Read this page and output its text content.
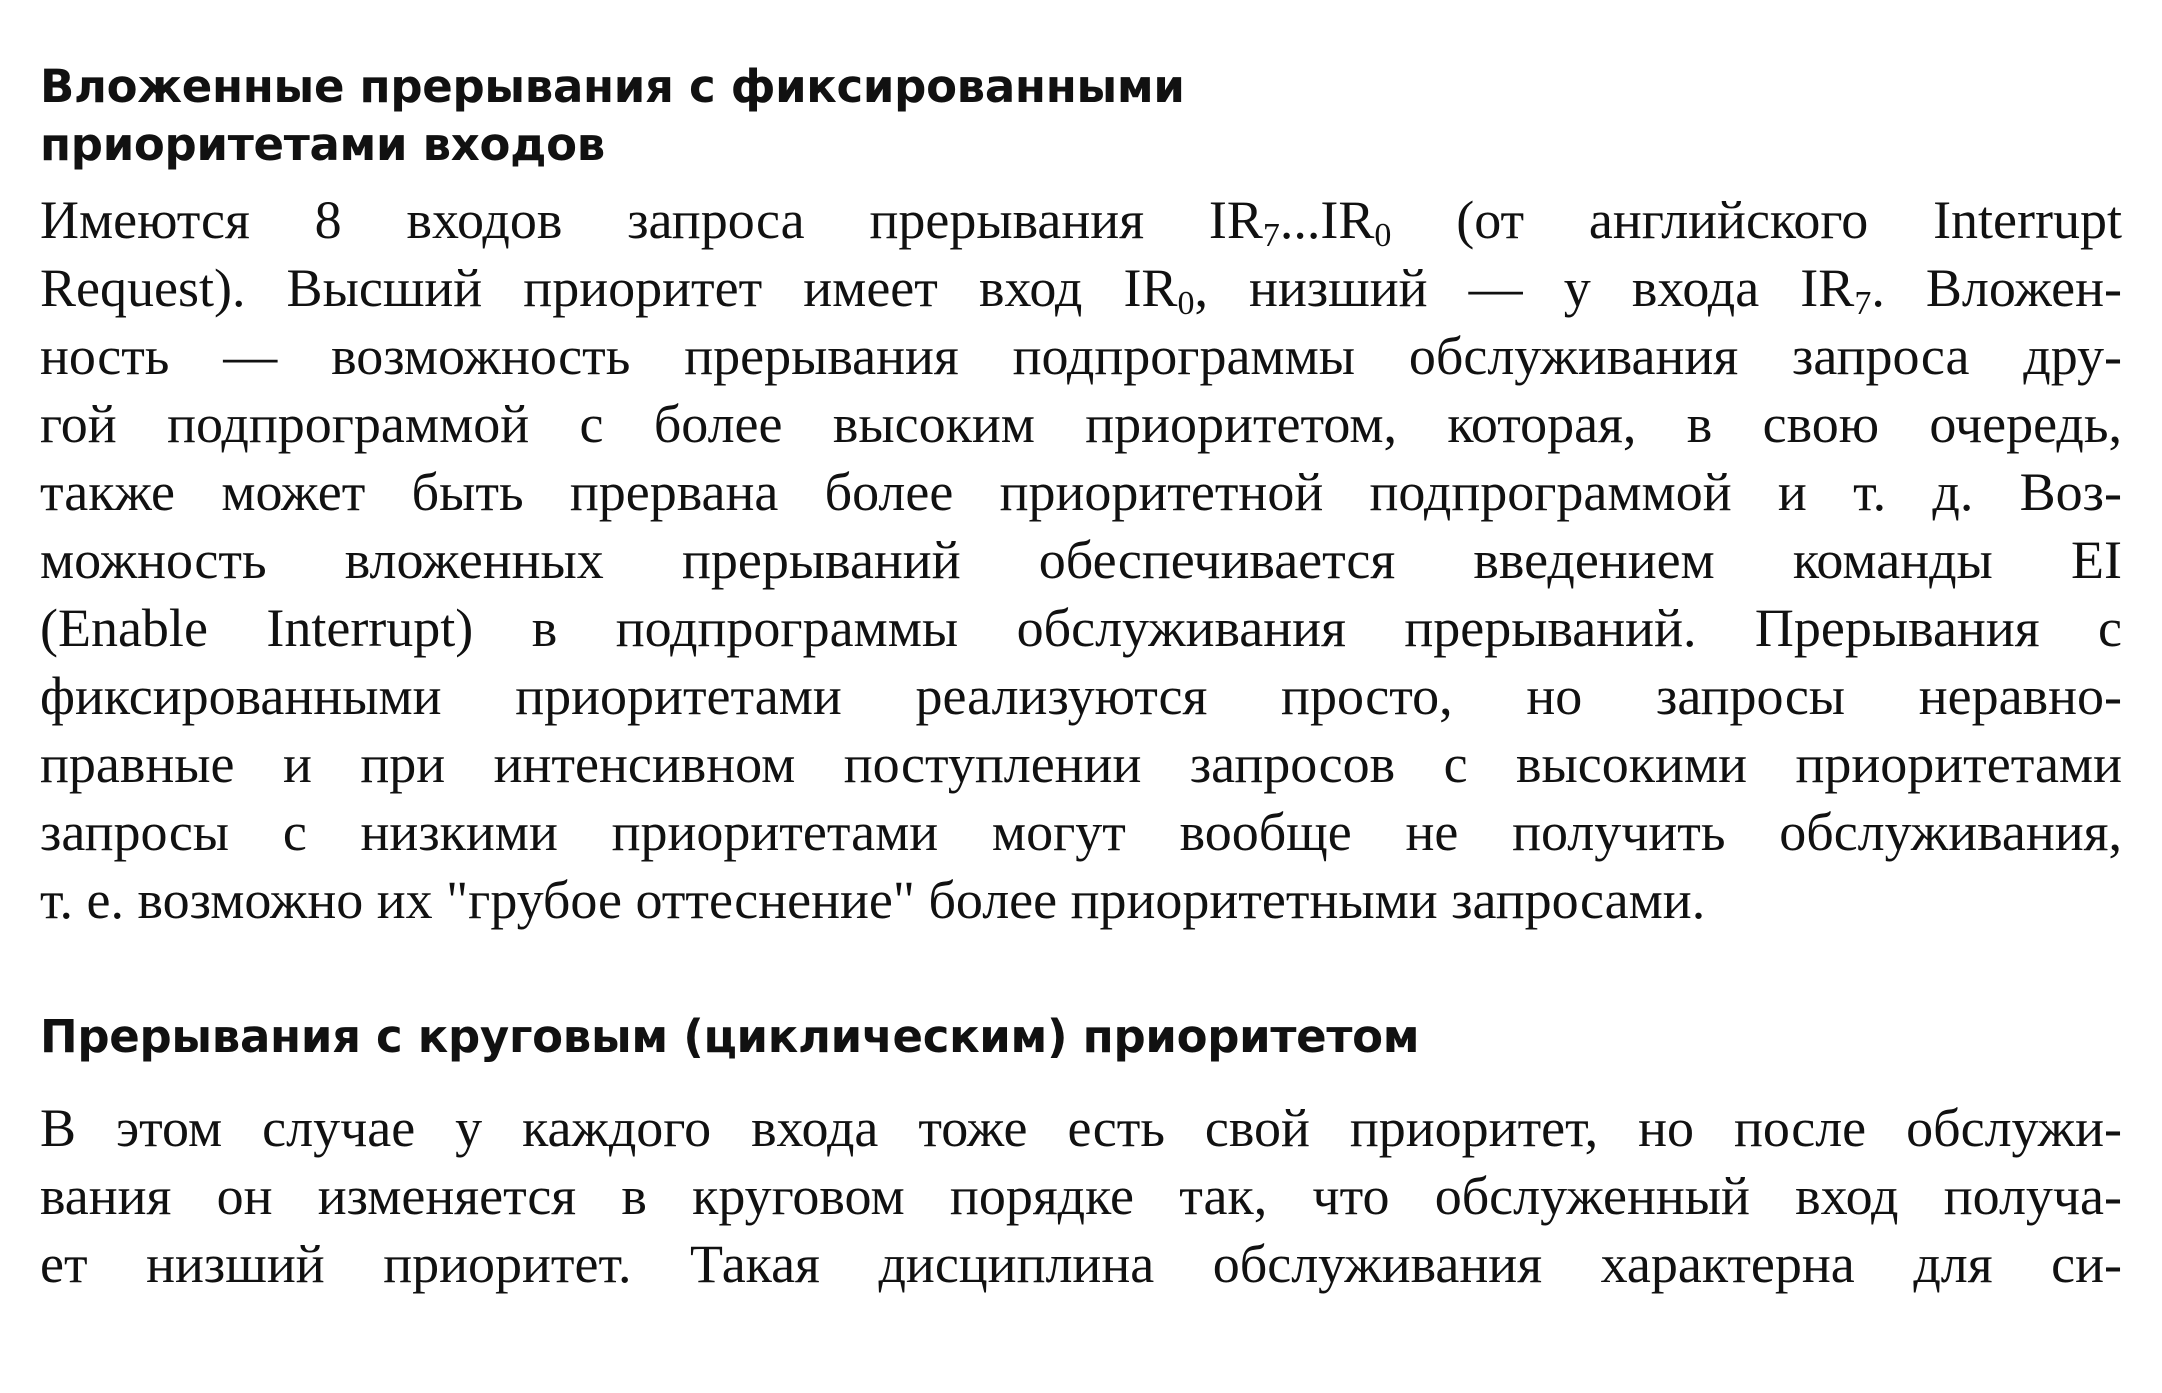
Вложенные прерывания с фиксированными
приоритетами входов

Имеются 8 входов запроса прерывания $IR_7...IR_0$ (от английского Interrupt
Request). Высший приоритет имеет вход $IR_0$, низший — у входа $IR_7$. Вложен-
ность — возможность прерывания подпрограммы обслуживания запроса дру-
гой подпрограммой с более высоким приоритетом, которая, в свою очередь,
также может быть прервана более приоритетной подпрограммой и т. д. Воз-
можность вложенных прерываний обеспечивается введением команды EI
(Enable Interrupt) в подпрограммы обслуживания прерываний. Прерывания с
фиксированными приоритетами реализуются просто, но запросы неравно-
правные и при интенсивном поступлении запросов с высокими приоритетами
запросы с низкими приоритетами могут вообще не получить обслуживания,
т. е. возможно их "грубое оттеснение" более приоритетными запросами.

Прерывания с круговым (циклическим) приоритетом

В этом случае у каждого входа тоже есть свой приоритет, но после обслужи-
вания он изменяется в круговом порядке так, что обслуженный вход получа-
ет низший приоритет. Такая дисциплина обслуживания характерна для си-
